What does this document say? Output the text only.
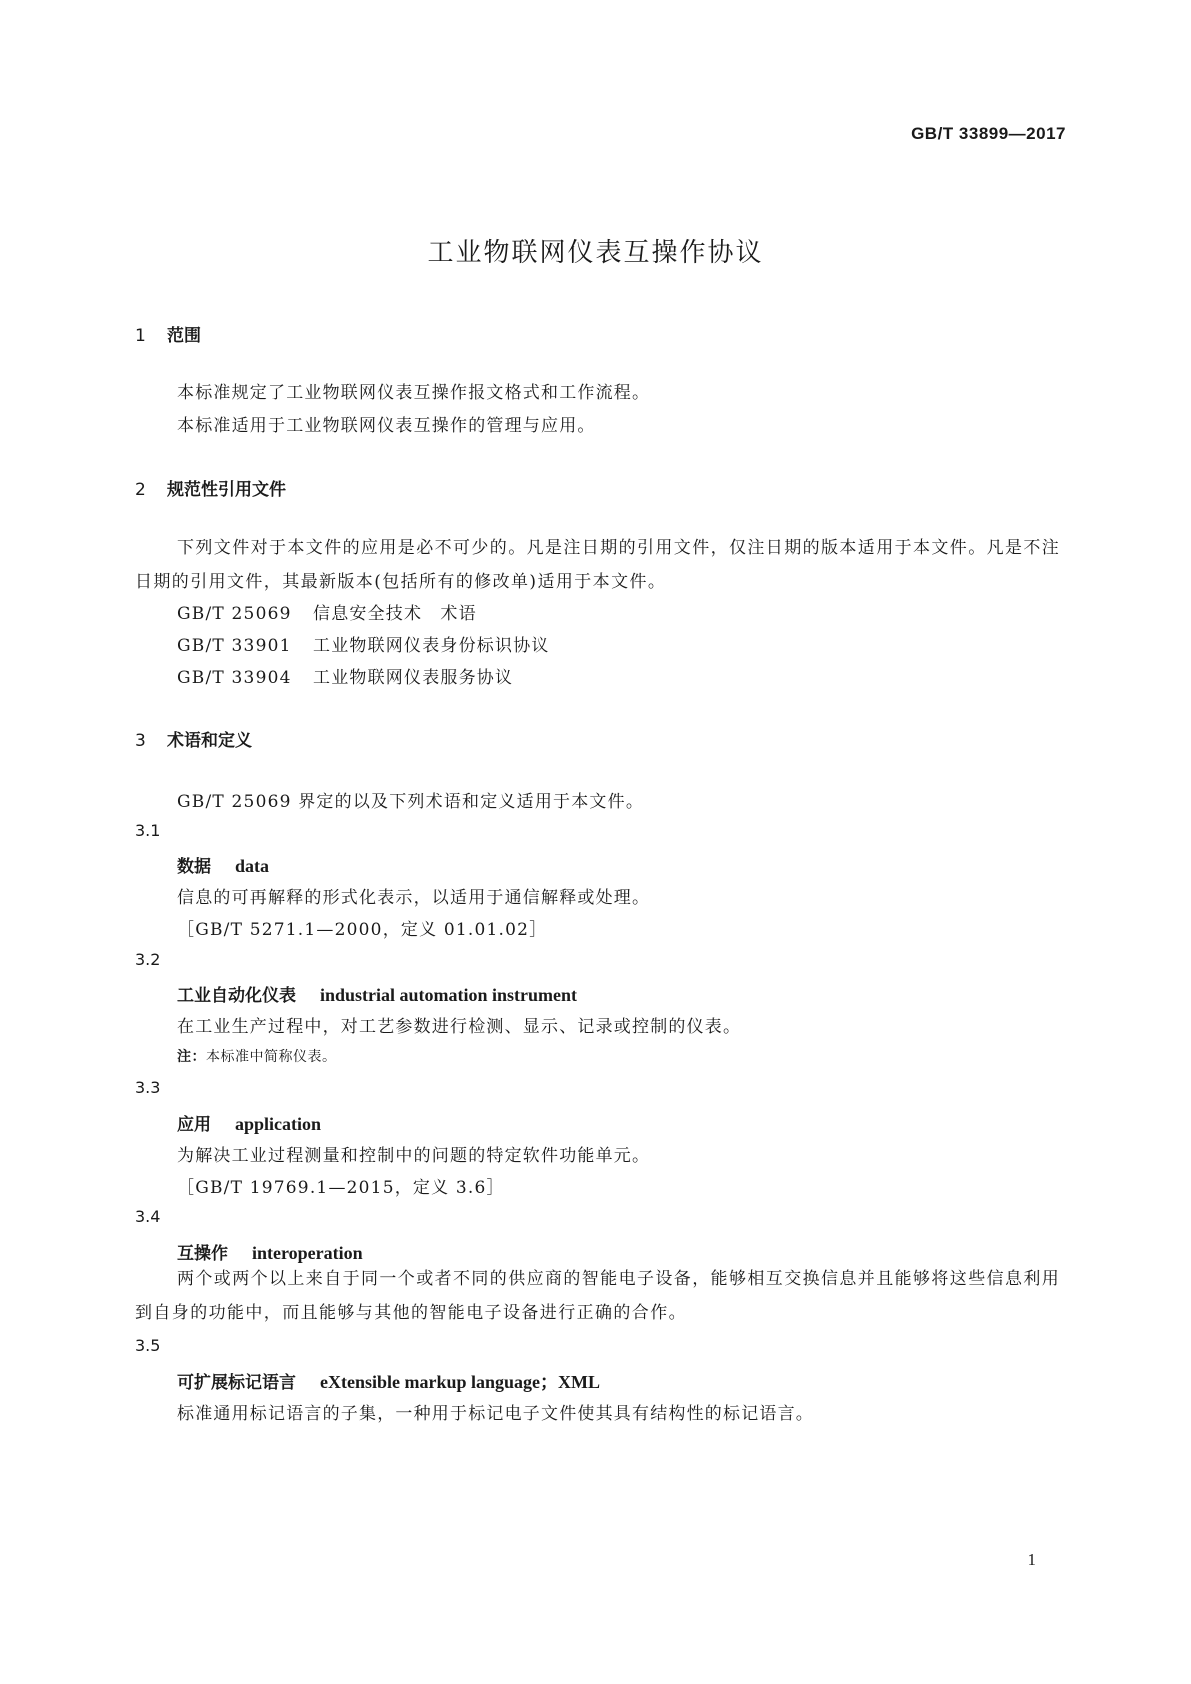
GB/T 33899—2017
工业物联网仪表互操作协议
1 范围
本标准规定了工业物联网仪表互操作报文格式和工作流程。
本标准适用于工业物联网仪表互操作的管理与应用。
2 规范性引用文件
下列文件对于本文件的应用是必不可少的。凡是注日期的引用文件，仅注日期的版本适用于本文件。凡是不注日期的引用文件，其最新版本(包括所有的修改单)适用于本文件。
GB/T 25069 信息安全技术　术语
GB/T 33901 工业物联网仪表身份标识协议
GB/T 33904 工业物联网仪表服务协议
3 术语和定义
GB/T 25069 界定的以及下列术语和定义适用于本文件。
3.1
数据 data
信息的可再解释的形式化表示，以适用于通信解释或处理。
［GB/T 5271.1—2000，定义 01.01.02］
3.2
工业自动化仪表 industrial automation instrument
在工业生产过程中，对工艺参数进行检测、显示、记录或控制的仪表。
注：本标准中简称仪表。
3.3
应用 application
为解决工业过程测量和控制中的问题的特定软件功能单元。
［GB/T 19769.1—2015，定义 3.6］
3.4
互操作 interoperation
两个或两个以上来自于同一个或者不同的供应商的智能电子设备，能够相互交换信息并且能够将这些信息利用到自身的功能中，而且能够与其他的智能电子设备进行正确的合作。
3.5
可扩展标记语言 eXtensible markup language；XML
标准通用标记语言的子集，一种用于标记电子文件使其具有结构性的标记语言。
1
